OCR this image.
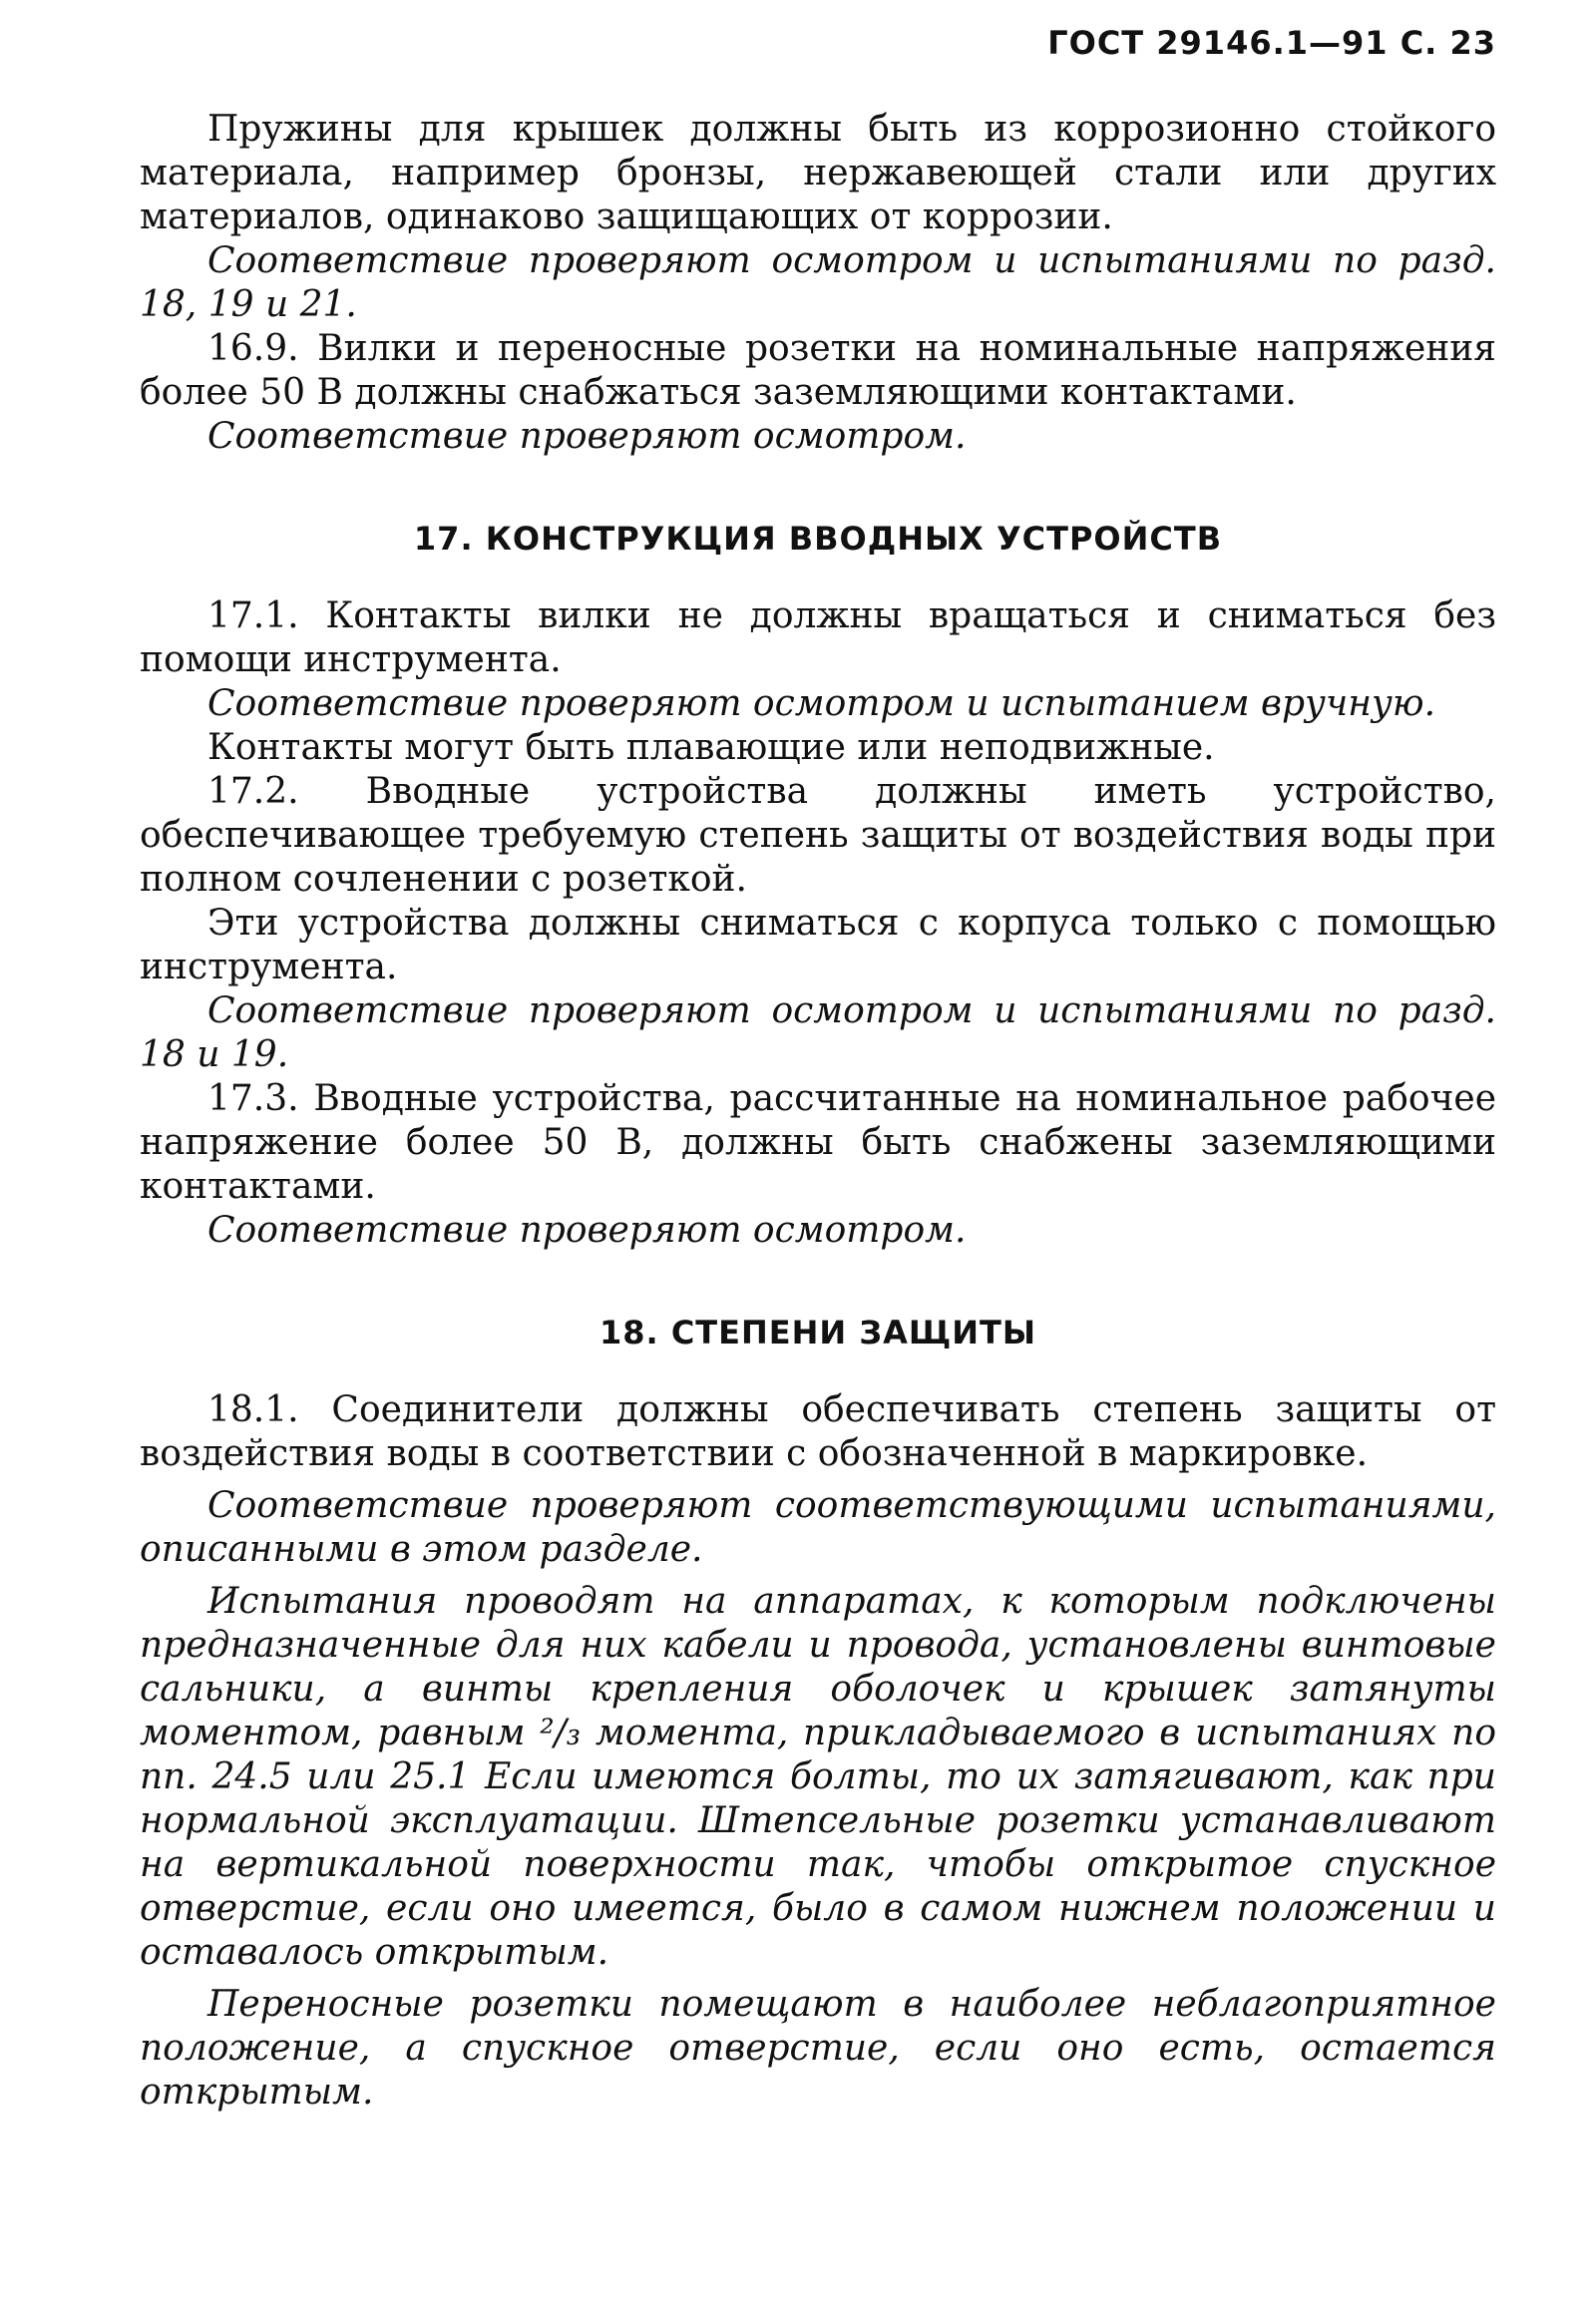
ГОСТ 29146.1—91 С. 23

Пружины для крышек должны быть из коррозионно стойкого материала, например бронзы, нержавеющей стали или других материалов, одинаково защищающих от коррозии.

Соответствие проверяют осмотром и испытаниями по разд. 18, 19 и 21.

16.9. Вилки и переносные розетки на номинальные напряжения более 50 В должны снабжаться заземляющими контактами.

Соответствие проверяют осмотром.

17. КОНСТРУКЦИЯ ВВОДНЫХ УСТРОЙСТВ

17.1. Контакты вилки не должны вращаться и сниматься без помощи инструмента.

Соответствие проверяют осмотром и испытанием вручную.

Контакты могут быть плавающие или неподвижные.

17.2. Вводные устройства должны иметь устройство, обеспечивающее требуемую степень защиты от воздействия воды при полном сочленении с розеткой.

Эти устройства должны сниматься с корпуса только с помощью инструмента.

Соответствие проверяют осмотром и испытаниями по разд. 18 и 19.

17.3. Вводные устройства, рассчитанные на номинальное рабочее напряжение более 50 В, должны быть снабжены заземляющими контактами.

Соответствие проверяют осмотром.

18. СТЕПЕНИ ЗАЩИТЫ

18.1. Соединители должны обеспечивать степень защиты от воздействия воды в соответствии с обозначенной в маркировке.

Соответствие проверяют соответствующими испытаниями, описанными в этом разделе.

Испытания проводят на аппаратах, к которым подключены предназначенные для них кабели и провода, установлены винтовые сальники, а винты крепления оболочек и крышек затянуты моментом, равным ²/₃ момента, прикладываемого в испытаниях по пп. 24.5 или 25.1 Если имеются болты, то их затягивают, как при нормальной эксплуатации. Штепсельные розетки устанавливают на вертикальной поверхности так, чтобы открытое спускное отверстие, если оно имеется, было в самом нижнем положении и оставалось открытым.

Переносные розетки помещают в наиболее неблагоприятное положение, а спускное отверстие, если оно есть, остается открытым.
